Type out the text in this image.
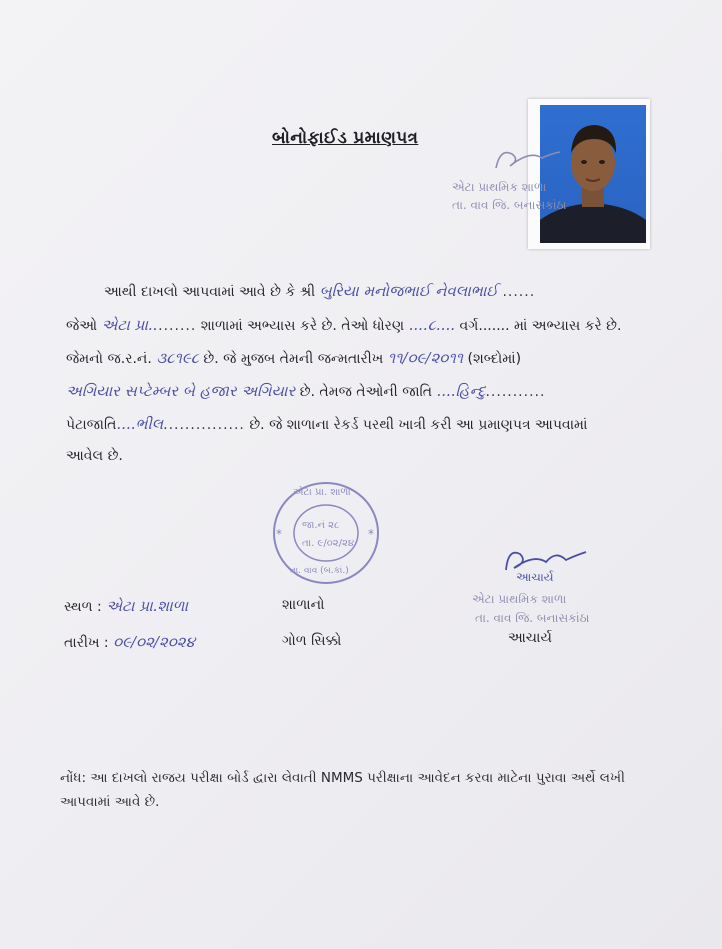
બોનોફાઈડ પ્રમાણપત્ર
એટા પ્રાથમિક શાળા
તા. વાવ જિ. બનાસકાંઠા
આથી દાખલો આપવામાં આવે છે કે શ્રી બુરિયા મનોજભાઈ નેવલાભાઈ ......
જેઓ એટા પ્રા......... શાળામાં અભ્યાસ કરે છે. તેઓ ધોરણ ....૮.... વર્ગ....... માં અભ્યાસ કરે છે.
જેમનો જ.ર.નં. ૩૮૧૯૮ છે. જે મુજબ તેમની જન્મતારીખ ૧૧/૦૯/૨૦૧૧ (શબ્દોમાં)
અગિયાર સપ્ટેમ્બર બે હજાર અગિયાર છે. તેમજ તેઓની જાતિ ....હિન્દુ...........
પેટાજાતિ....ભીલ............... છે. જે શાળાના રેકર્ડ પરથી ખાત્રી કરી આ પ્રમાણપત્ર આપવામાં
આવેલ છે.
*	*
એટા પ્રા. શાળા
જા.નં ૨૮
તા. ૯/૦૨/૨૪
તા. વાવ (બ.કાં.)
સ્થળ : એટા પ્રા.શાળા
તારીખ : ૦૯/૦૨/૨૦૨૪
શાળાનો
ગોળ સિક્કો
આચાર્ય
એટા પ્રાથમિક શાળા
તા. વાવ જિ. બનાસકાંઠા
આચાર્ય
નોંધ: આ દાખલો રાજય પરીક્ષા બોર્ડ દ્વારા લેવાતી NMMS પરીક્ષાના આવેદન કરવા માટેના પુરાવા અર્થે લખી
આપવામાં આવે છે.
